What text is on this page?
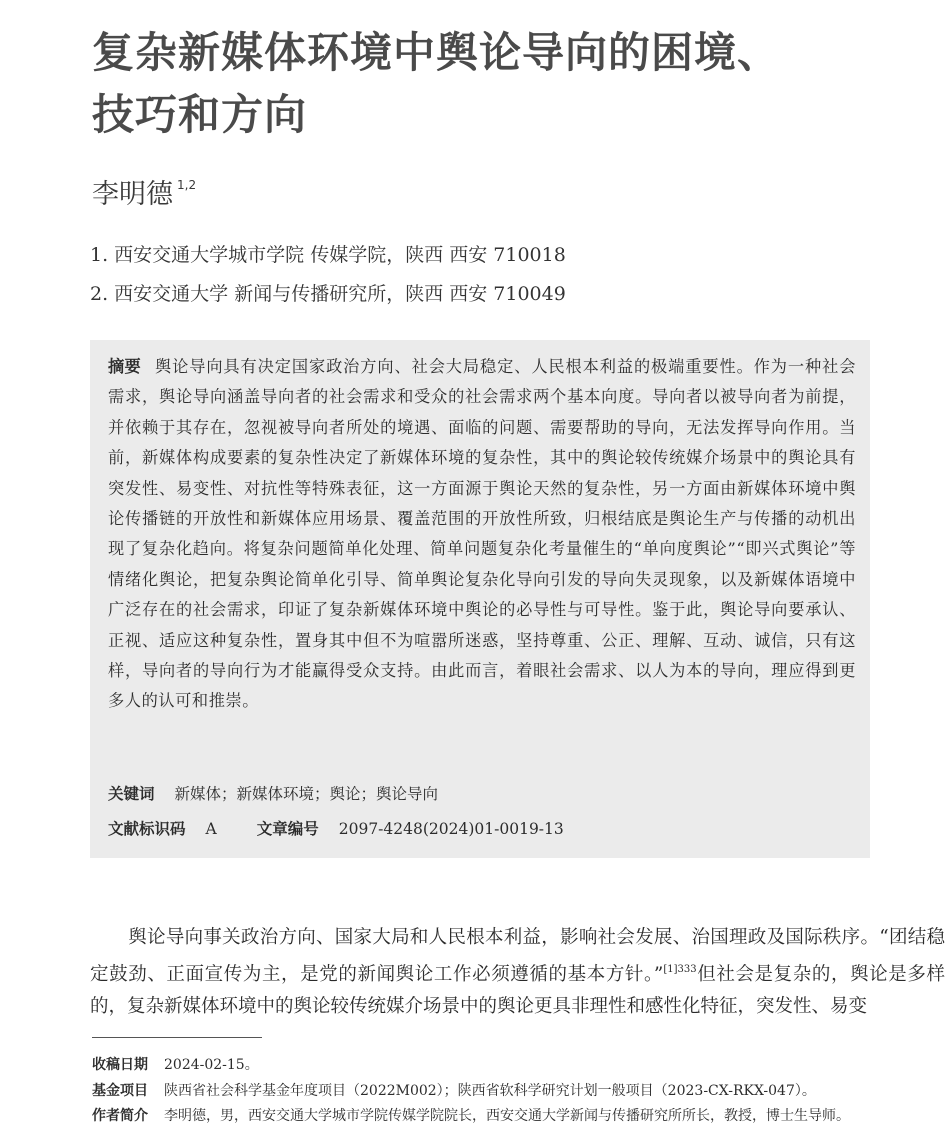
复杂新媒体环境中舆论导向的困境、
技巧和方向
李明德 $^{1,2}$
1. 西安交通大学城市学院 传媒学院，陕西 西安 710018
2. 西安交通大学 新闻与传播研究所，陕西 西安 710049
摘要 舆论导向具有决定国家政治方向、社会大局稳定、人民根本利益的极端重要性。作为一种社会需求，舆论导向涵盖导向者的社会需求和受众的社会需求两个基本向度。导向者以被导向者为前提，并依赖于其存在，忽视被导向者所处的境遇、面临的问题、需要帮助的导向，无法发挥导向作用。当前，新媒体构成要素的复杂性决定了新媒体环境的复杂性，其中的舆论较传统媒介场景中的舆论具有突发性、易变性、对抗性等特殊表征，这一方面源于舆论天然的复杂性，另一方面由新媒体环境中舆论传播链的开放性和新媒体应用场景、覆盖范围的开放性所致，归根结底是舆论生产与传播的动机出现了复杂化趋向。将复杂问题简单化处理、简单问题复杂化考量催生的“单向度舆论”“即兴式舆论”等情绪化舆论，把复杂舆论简单化引导、简单舆论复杂化导向引发的导向失灵现象，以及新媒体语境中广泛存在的社会需求，印证了复杂新媒体环境中舆论的必导性与可导性。鉴于此，舆论导向要承认、正视、适应这种复杂性，置身其中但不为喧嚣所迷惑，坚持尊重、公正、理解、互动、诚信，只有这样，导向者的导向行为才能赢得受众支持。由此而言，着眼社会需求、以人为本的导向，理应得到更多人的认可和推崇。
关键词 新媒体；新媒体环境；舆论；舆论导向
文献标识码 A	文章编号 2097-4248(2024)01-0019-13
舆论导向事关政治方向、国家大局和人民根本利益，影响社会发展、治国理政及国际秩序。“团结稳定鼓劲、正面宣传为主，是党的新闻舆论工作必须遵循的基本方针。”$^{[1]333}$但社会是复杂的，舆论是多样的，复杂新媒体环境中的舆论较传统媒介场景中的舆论更具非理性和感性化特征，突发性、易变
收稿日期 2024-02-15。
基金项目 陕西省社会科学基金年度项目（2022M002）；陕西省软科学研究计划一般项目（2023-CX-RKX-047）。
作者简介 李明德，男，西安交通大学城市学院传媒学院院长，西安交通大学新闻与传播研究所所长，教授，博士生导师。
